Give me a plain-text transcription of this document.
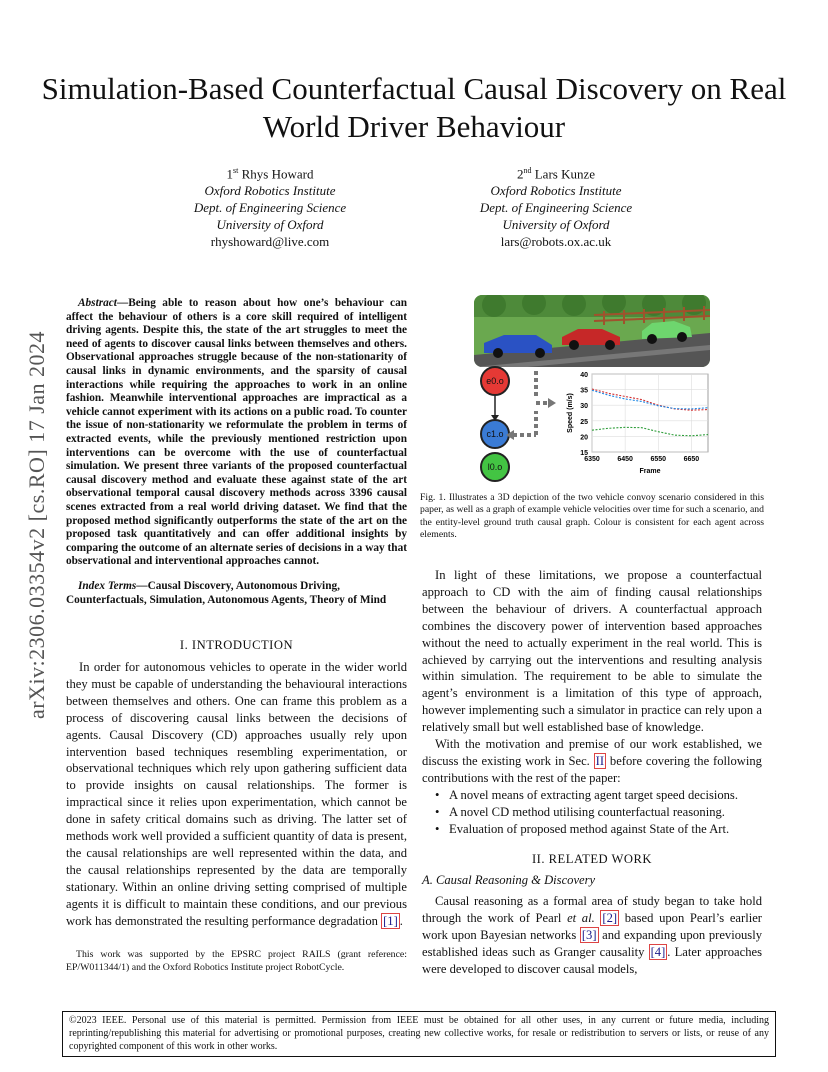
arXiv:2306.03354v2 [cs.RO] 17 Jan 2024
Simulation-Based Counterfactual Causal Discovery on Real World Driver Behaviour
1st Rhys Howard
Oxford Robotics Institute
Dept. of Engineering Science
University of Oxford
rhyshoward@live.com
2nd Lars Kunze
Oxford Robotics Institute
Dept. of Engineering Science
University of Oxford
lars@robots.ox.ac.uk
Abstract—Being able to reason about how one’s behaviour can affect the behaviour of others is a core skill required of intelligent driving agents. Despite this, the state of the art struggles to meet the need of agents to discover causal links between themselves and others. Observational approaches struggle because of the non-stationarity of causal links in dynamic environments, and the sparsity of causal interactions while requiring the approaches to work in an online fashion. Meanwhile interventional approaches are impractical as a vehicle cannot experiment with its actions on a public road. To counter the issue of non-stationarity we reformulate the problem in terms of extracted events, while the previously mentioned restriction upon interventions can be overcome with the use of counterfactual simulation. We present three variants of the proposed counterfactual causal discovery method and evaluate these against state of the art observational temporal causal discovery methods across 3396 causal scenes extracted from a real world driving dataset. We find that the proposed method significantly outperforms the state of the art on the proposed task quantitatively and can offer additional insights by comparing the outcome of an alternate series of decisions in a way that observational and interventional approaches cannot.
Index Terms—Causal Discovery, Autonomous Driving, Counterfactuals, Simulation, Autonomous Agents, Theory of Mind
I. INTRODUCTION

In order for autonomous vehicles to operate in the wider world they must be capable of understanding the behavioural interactions between themselves and others. One can frame this problem as a process of discovering causal links between the decisions of agents. Causal Discovery (CD) approaches usually rely upon intervention based techniques resembling experimentation, or observational techniques which rely upon gathering sufficient data to provide insights on causal relationships. The former is impractical since it relies upon experimentation, which cannot be done in safety critical domains such as driving. The latter set of methods work well provided a sufficient quantity of data is present, the causal relationships are well represented within the data, and the causal relationships represented by the data are temporally stationary. Within an online driving setting comprised of multiple agents it is difficult to maintain these conditions, and our previous work has demonstrated the resulting performance degradation [1] .

This work was supported by the EPSRC project RAILS (grant reference: EP/W011344/1) and the Oxford Robotics Institute project RobotCycle.

e0.o
c1.o
l0.o
15
20
25
30
35
40
6350	6450	6550	6650
Frame
Speed (m/s)
Fig. 1. Illustrates a 3D depiction of the two vehicle convoy scenario considered in this paper, as well as a graph of example vehicle velocities over time for such a scenario, and the entity-level ground truth causal graph. Colour is consistent for each agent across elements.

In light of these limitations, we propose a counterfactual approach to CD with the aim of finding causal relationships between the behaviour of drivers. A counterfactual approach combines the discovery power of intervention based approaches without the need to actually experiment in the real world. This is achieved by carrying out the interventions and resulting analysis within simulation. The requirement to be able to simulate the agent’s environment is a limitation of this type of approach, however implementing such a simulator in practice can rely upon a relatively small but well established base of knowledge.

With the motivation and premise of our work established, we discuss the existing work in Sec. II before covering the following contributions with the rest of the paper:

• A novel means of extracting agent target speed decisions.
• A novel CD method utilising counterfactual reasoning.
• Evaluation of proposed method against State of the Art.
II. RELATED WORK
A. Causal Reasoning & Discovery

Causal reasoning as a formal area of study began to take hold through the work of Pearl et al. [2] based upon Pearl’s earlier work upon Bayesian networks [3] and expanding upon previously established ideas such as Granger causality [4] . Later approaches were developed to discover causal models,

©2023 IEEE. Personal use of this material is permitted. Permission from IEEE must be obtained for all other uses, in any current or future media, including reprinting/republishing this material for advertising or promotional purposes, creating new collective works, for resale or redistribution to servers or lists, or reuse of any copyrighted component of this work in other works.
